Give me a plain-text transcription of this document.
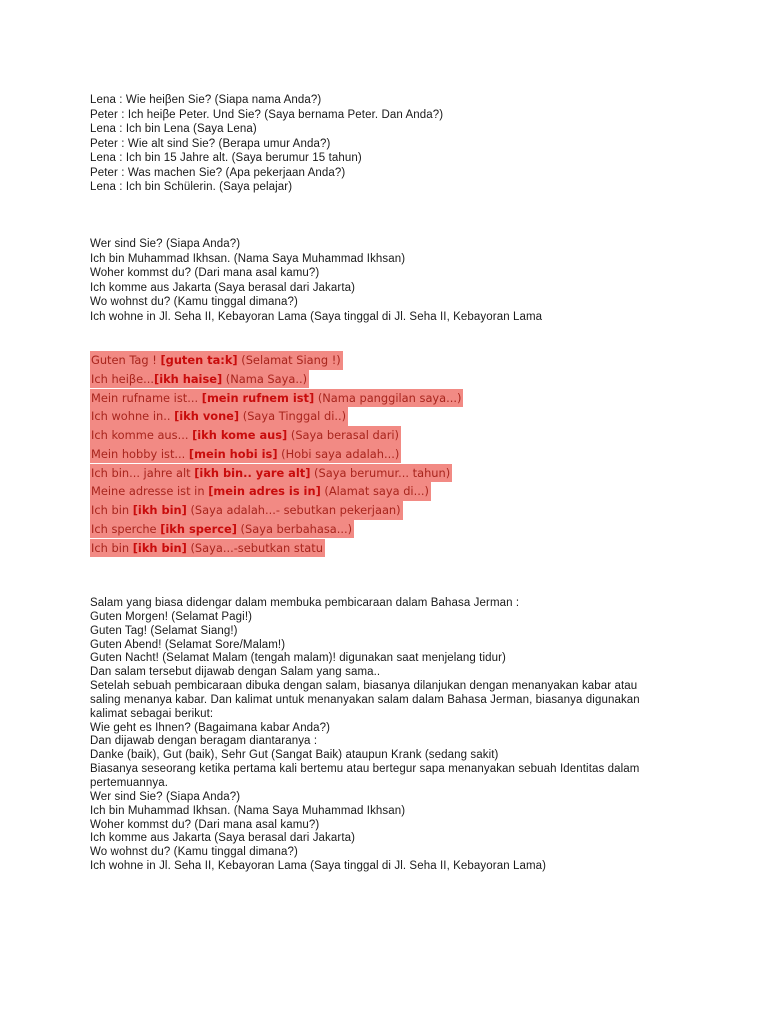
Lena : Wie heiβen Sie? (Siapa nama Anda?)
Peter : Ich heiβe Peter. Und Sie? (Saya bernama Peter. Dan Anda?)
Lena : Ich bin Lena (Saya Lena)
Peter : Wie alt sind Sie? (Berapa umur Anda?)
Lena : Ich bin 15 Jahre alt. (Saya berumur 15 tahun)
Peter : Was machen Sie? (Apa pekerjaan Anda?)
Lena : Ich bin Schülerin. (Saya pelajar)
Wer sind Sie? (Siapa Anda?)
Ich bin Muhammad Ikhsan. (Nama Saya Muhammad Ikhsan)
Woher kommst du? (Dari mana asal kamu?)
Ich komme aus Jakarta (Saya berasal dari Jakarta)
Wo wohnst du? (Kamu tinggal dimana?)
Ich wohne in Jl. Seha II, Kebayoran Lama (Saya tinggal di Jl. Seha II, Kebayoran Lama
Guten Tag ! [guten ta:k] (Selamat Siang !)
Ich heiβe...[ikh haise] (Nama Saya..)
Mein rufname ist... [mein rufnem ist] (Nama panggilan saya...)
Ich wohne in.. [ikh vone] (Saya Tinggal di..)
Ich komme aus... [ikh kome aus] (Saya berasal dari)
Mein hobby ist... [mein hobi is] (Hobi saya adalah...)
Ich bin... jahre alt [ikh bin.. yare alt] (Saya berumur... tahun)
Meine adresse ist in [mein adres is in] (Alamat saya di...)
Ich bin [ikh bin] (Saya adalah...- sebutkan pekerjaan)
Ich sperche [ikh sperce] (Saya berbahasa...)
Ich bin [ikh bin] (Saya...-sebutkan statu
Salam yang biasa didengar dalam membuka pembicaraan dalam Bahasa Jerman :
Guten Morgen! (Selamat Pagi!)
Guten Tag! (Selamat Siang!)
Guten Abend! (Selamat Sore/Malam!)
Guten Nacht! (Selamat Malam (tengah malam)! digunakan saat menjelang tidur)
Dan salam tersebut dijawab dengan Salam yang sama..
Setelah sebuah pembicaraan dibuka dengan salam, biasanya dilanjukan dengan menanyakan kabar atau
saling menanya kabar. Dan kalimat untuk menanyakan salam dalam Bahasa Jerman, biasanya digunakan
kalimat sebagai berikut:
Wie geht es Ihnen? (Bagaimana kabar Anda?)
Dan dijawab dengan beragam diantaranya :
Danke (baik), Gut (baik), Sehr Gut (Sangat Baik) ataupun Krank (sedang sakit)
Biasanya seseorang ketika pertama kali bertemu atau bertegur sapa menanyakan sebuah Identitas dalam
pertemuannya.
Wer sind Sie? (Siapa Anda?)
Ich bin Muhammad Ikhsan. (Nama Saya Muhammad Ikhsan)
Woher kommst du? (Dari mana asal kamu?)
Ich komme aus Jakarta (Saya berasal dari Jakarta)
Wo wohnst du? (Kamu tinggal dimana?)
Ich wohne in Jl. Seha II, Kebayoran Lama (Saya tinggal di Jl. Seha II, Kebayoran Lama)
